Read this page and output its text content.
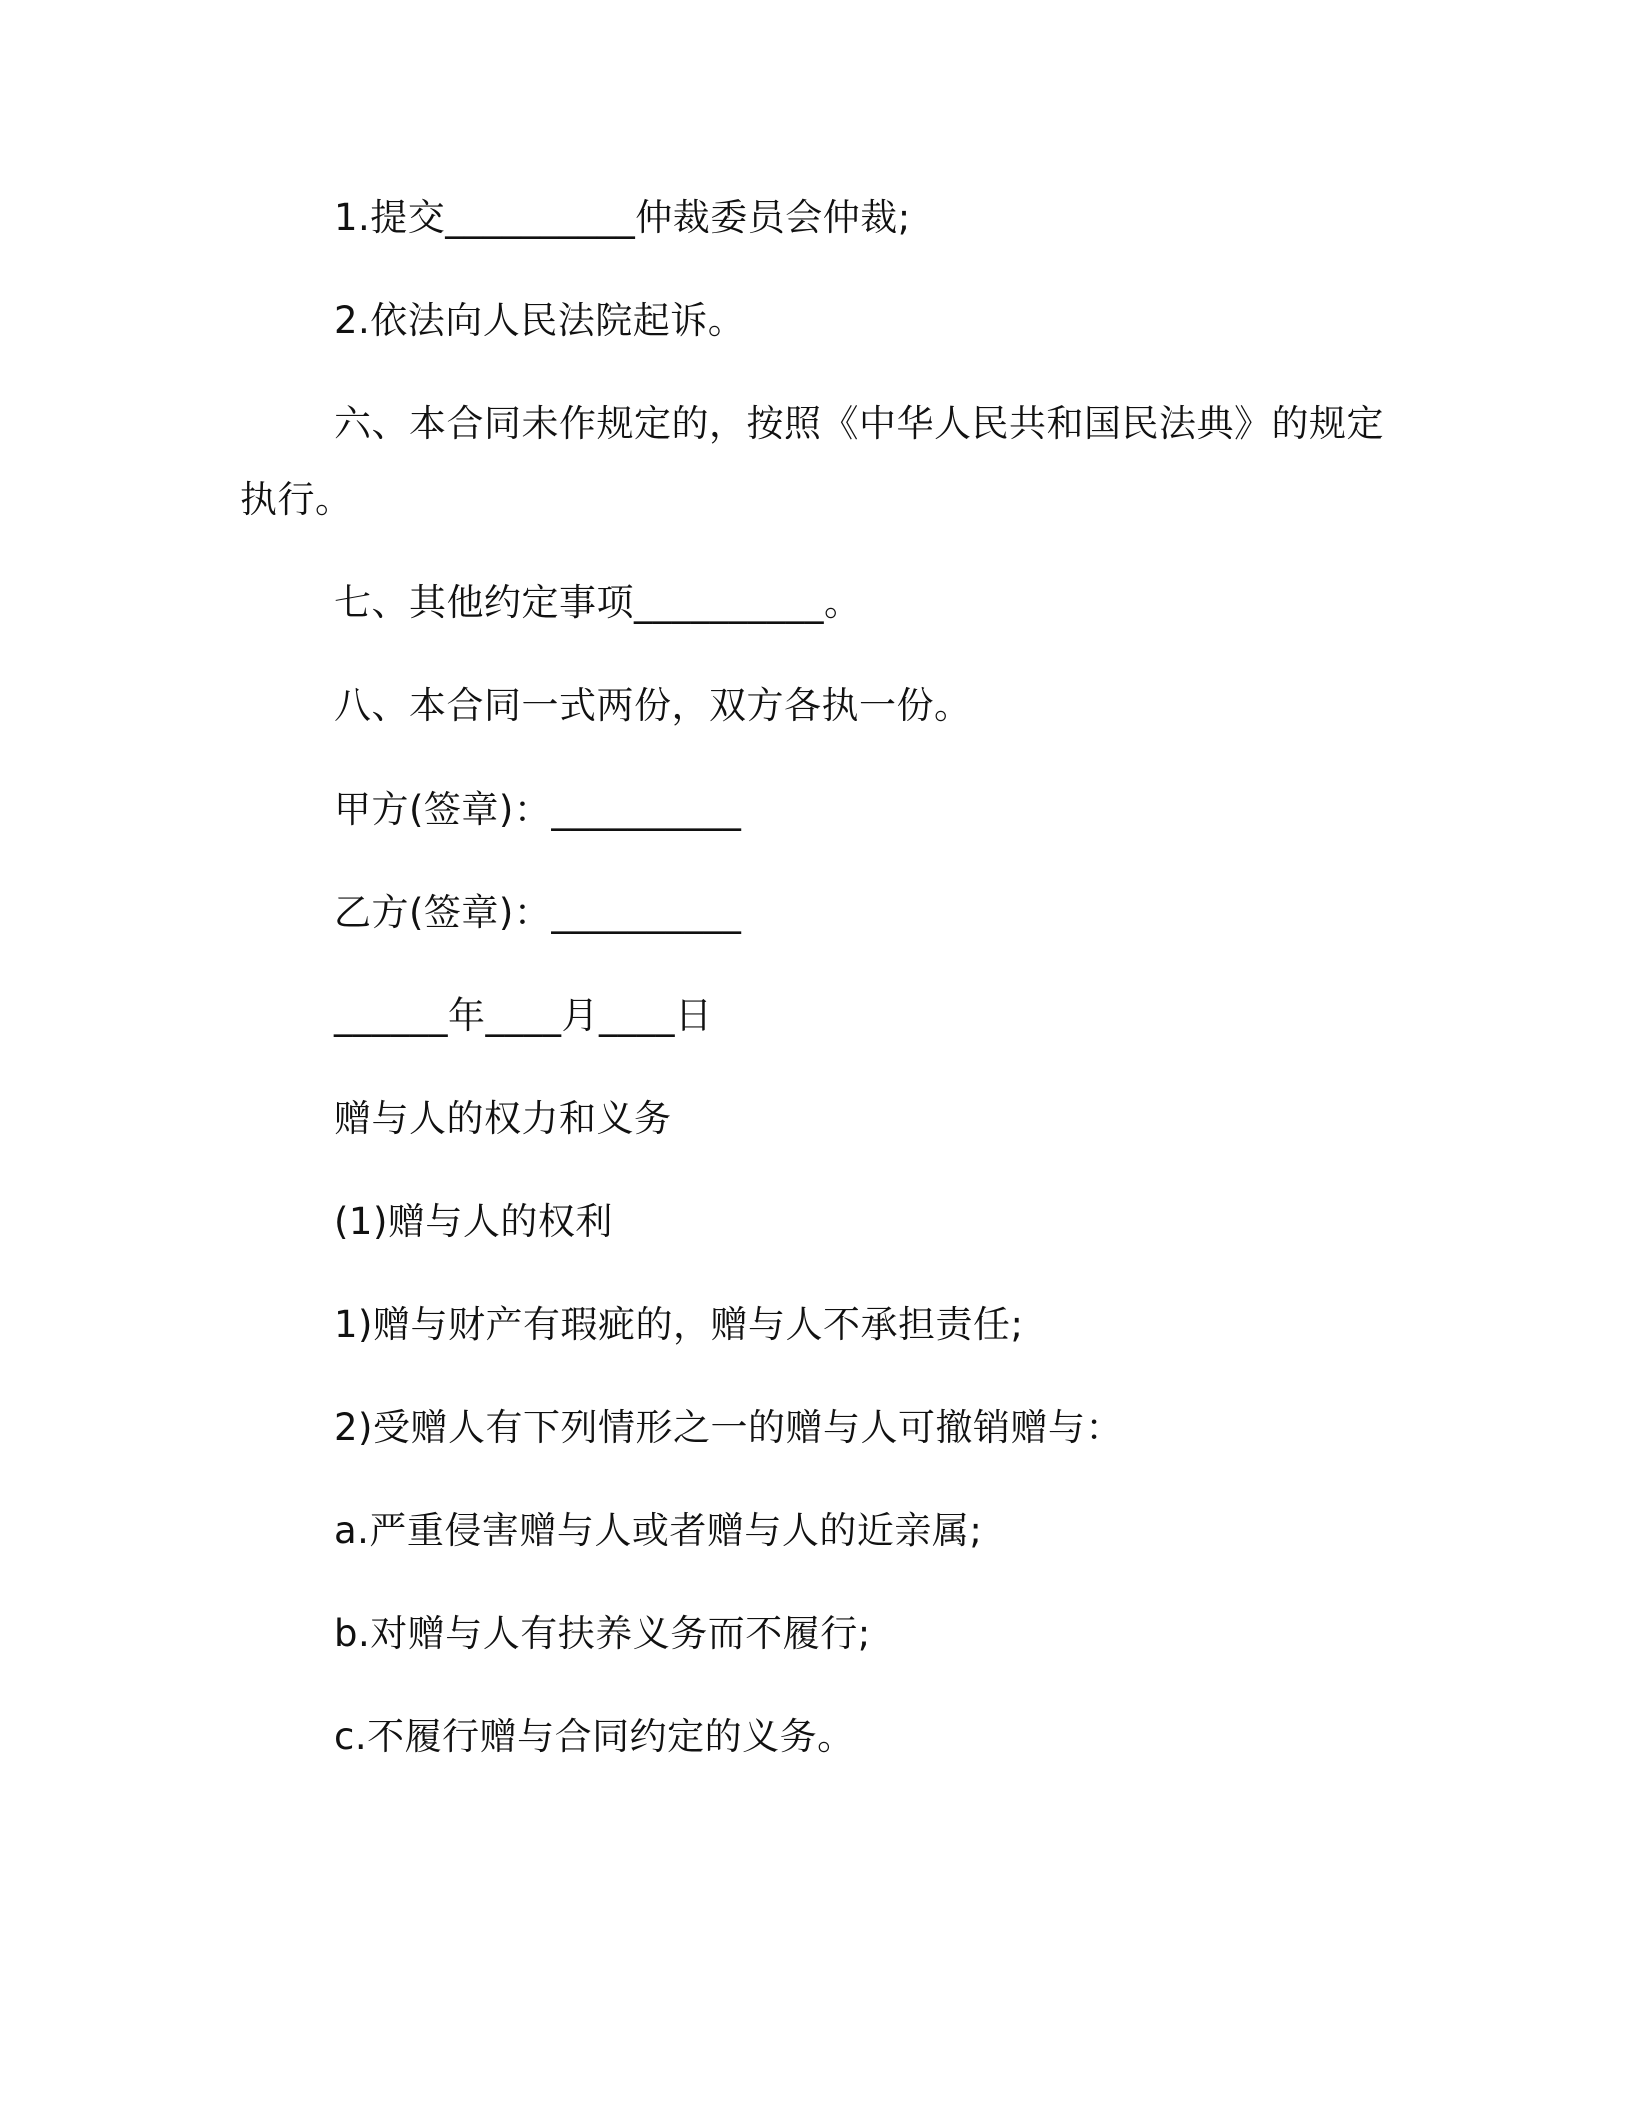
1.提交__________仲裁委员会仲裁;
2.依法向人民法院起诉。
六、本合同未作规定的，按照《中华人民共和国民法典》的规定
执行。
七、其他约定事项__________。
八、本合同一式两份，双方各执一份。
甲方(签章)：__________
乙方(签章)：__________
______年____月____日
赠与人的权力和义务
(1)赠与人的权利
1)赠与财产有瑕疵的，赠与人不承担责任;
2)受赠人有下列情形之一的赠与人可撤销赠与：
a.严重侵害赠与人或者赠与人的近亲属;
b.对赠与人有扶养义务而不履行;
c.不履行赠与合同约定的义务。
